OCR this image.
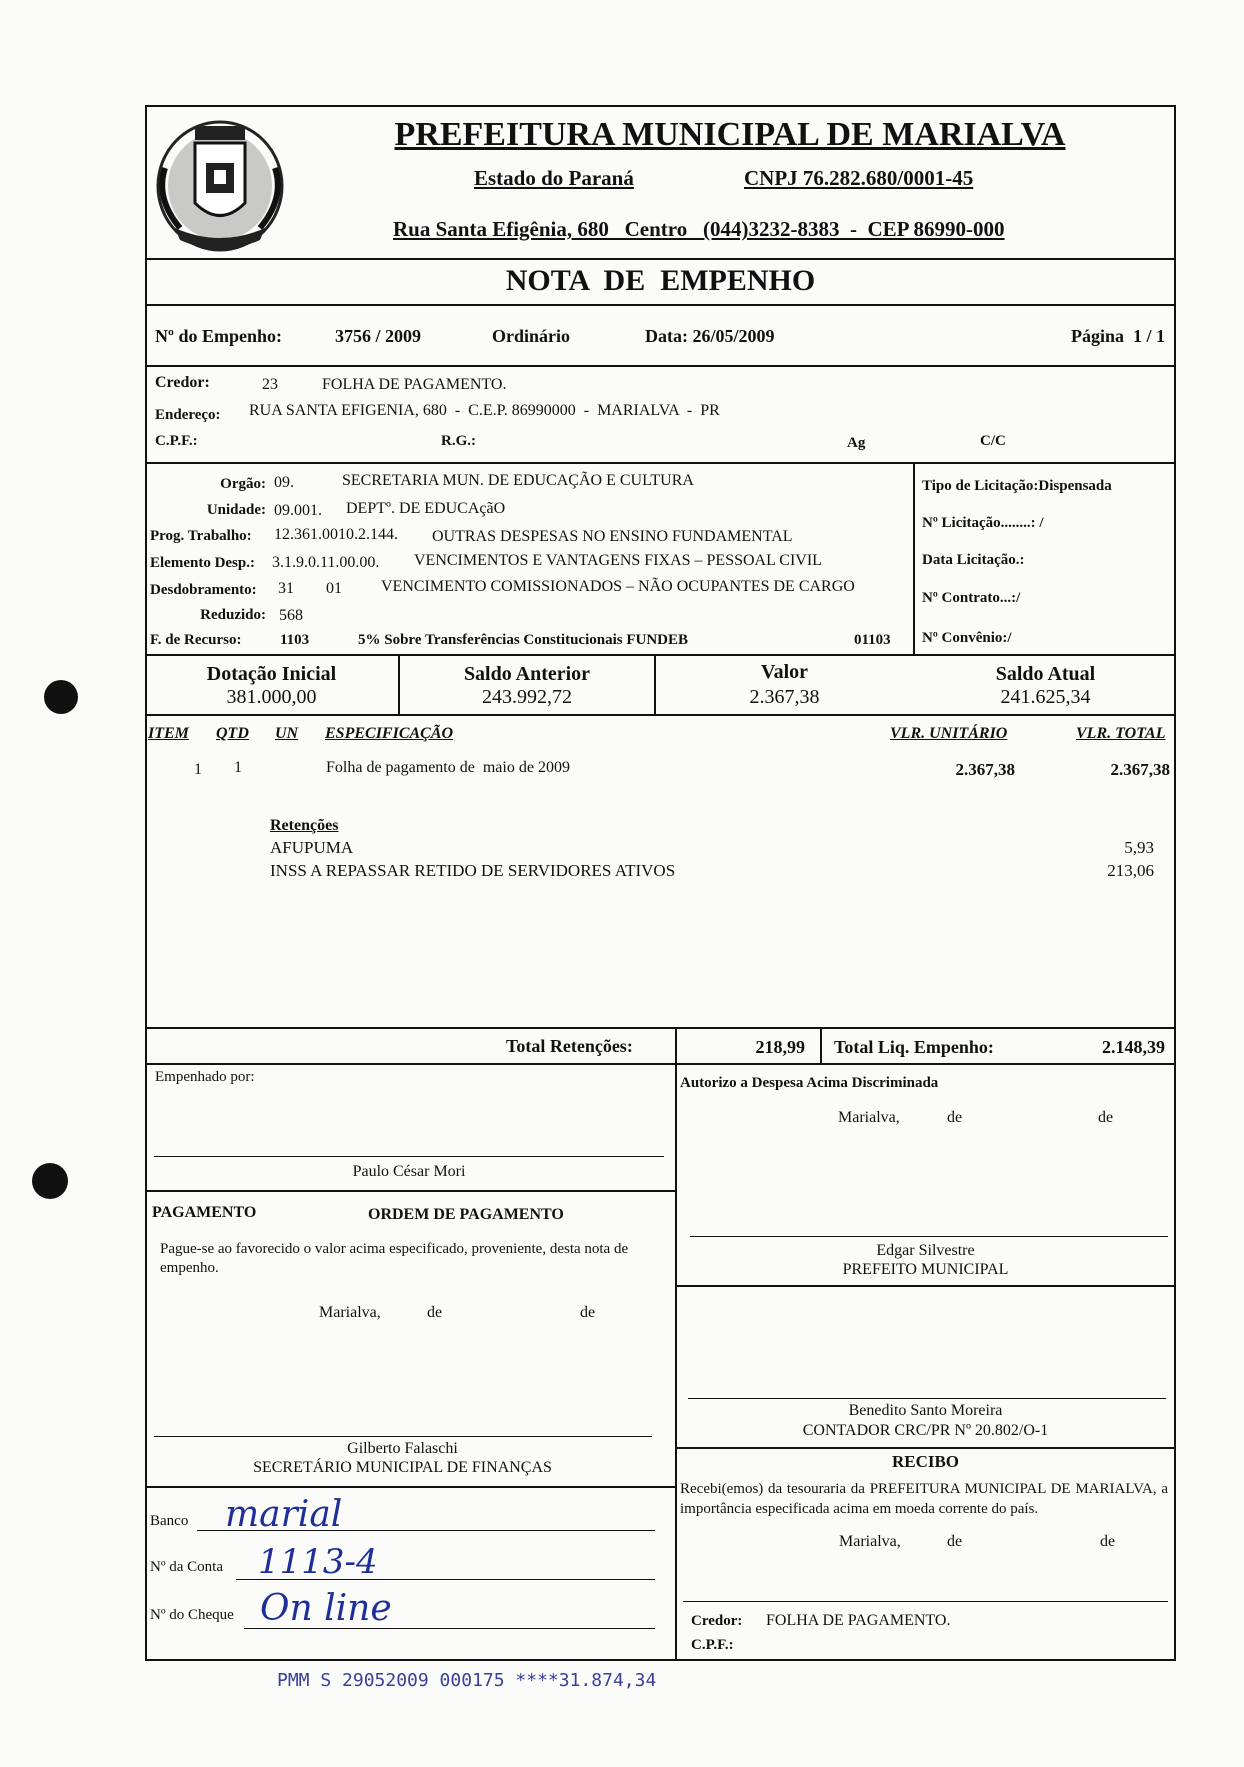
PREFEITURA MUNICIPAL DE MARIALVA
Estado do Paraná	CNPJ 76.282.680/0001-45
Rua Santa Efigênia, 680   Centro   (044)3232-8383  -  CEP 86990-000
NOTA  DE  EMPENHO
Nº do Empenho:	3756 / 2009	Ordinário	Data: 26/05/2009	Página  1 / 1
Credor:	23	FOLHA DE PAGAMENTO.
Endereço: RUA SANTA EFIGENIA, 680  -  C.E.P. 86990000  -  MARIALVA  -  PR
C.P.F.:	R.G.:	Ag	C/C
Orgão: 09.	SECRETARIA MUN. DE EDUCAÇÃO E CULTURA
Unidade: 09.001. DEPTº. DE EDUCAçãO
Prog. Trabalho: 12.361.0010.2.144. OUTRAS DESPESAS NO ENSINO FUNDAMENTAL
Elemento Desp.: 3.1.9.0.11.00.00. VENCIMENTOS E VANTAGENS FIXAS – PESSOAL CIVIL
Desdobramento: 31 01 VENCIMENTO COMISSIONADOS – NÃO OCUPANTES DE CARGO
Reduzido: 568
F. de Recurso:	1103	5% Sobre Transferências Constitucionais FUNDEB	01103
Tipo de Licitação:Dispensada
Nº Licitação........: /
Data Licitação.:
Nº Contrato...:/
Nº Convênio:/
Dotação Inicial
381.000,00
Saldo Anterior
243.992,72
Valor
2.367,38
Saldo Atual
241.625,34
ITEM QTD UN ESPECIFICAÇÃO	VLR. UNITÁRIO	VLR. TOTAL
1 1	Folha de pagamento de  maio de 2009	2.367,38	2.367,38
Retenções
AFUPUMA	5,93
INSS A REPASSAR RETIDO DE SERVIDORES ATIVOS	213,06
Total Retenções:	218,99 Total Liq. Empenho:	2.148,39
Empenhado por:
Paulo César Mori
PAGAMENTO	ORDEM DE PAGAMENTO
Pague-se ao favorecido o valor acima especificado, proveniente, desta nota de empenho.
Marialva,	de	de
Gilberto Falaschi
SECRETÁRIO MUNICIPAL DE FINANÇAS
Banco marial
Nº da Conta 1113-4
Nº do Cheque On line
Autorizo a Despesa Acima Discriminada
Marialva,	de	de
Edgar Silvestre
PREFEITO MUNICIPAL
Benedito Santo Moreira
CONTADOR CRC/PR Nº 20.802/O-1
RECIBO
Recebi(emos) da tesouraria da PREFEITURA MUNICIPAL DE MARIALVA, a importância especificada acima em moeda corrente do país.
Marialva,	de	de
Credor: FOLHA DE PAGAMENTO.
C.P.F.:
PMM S 29052009 000175 ****31.874,34
